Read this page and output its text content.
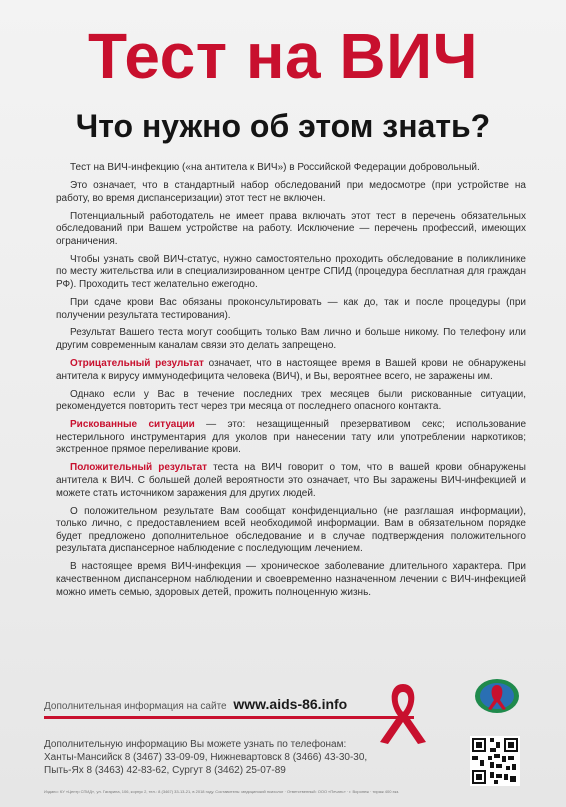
Тест на ВИЧ
Что нужно об этом знать?

Тест на ВИЧ-инфекцию («на антитела к ВИЧ») в Российской Федерации добровольный.

Это означает, что в стандартный набор обследований при медосмотре (при устройстве на работу, во время диспансеризации) этот тест не включен.

Потенциальный работодатель не имеет права включать этот тест в перечень обязательных обследований при Вашем устройстве на работу. Исключение — перечень профессий, имеющих ограничения.

Чтобы узнать свой ВИЧ-статус, нужно самостоятельно проходить обследование в поликлинике по месту жительства или в специализированном центре СПИД (процедура бесплатная для граждан РФ). Проходить тест желательно ежегодно.

При сдаче крови Вас обязаны проконсультировать — как до, так и после процедуры (при получении результата тестирования).

Результат Вашего теста могут сообщить только Вам лично и больше никому. По телефону или другим современным каналам связи это делать запрещено.

Отрицательный результат означает, что в настоящее время в Вашей крови не обнаружены антитела к вирусу иммунодефицита человека (ВИЧ), и Вы, вероятнее всего, не заражены им.

Однако если у Вас в течение последних трех месяцев были рискованные ситуации, рекомендуется повторить тест через три месяца от последнего опасного контакта.

Рискованные ситуации — это: незащищенный презервативом секс; использование нестерильного инструментария для уколов при нанесении тату или употреблении наркотиков; экстренное прямое переливание крови.

Положительный результат теста на ВИЧ говорит о том, что в вашей крови обнаружены антитела к ВИЧ. С большей долей вероятности это означает, что Вы заражены ВИЧ-инфекцией и можете стать источником заражения для других людей.

О положительном результате Вам сообщат конфиденциально (не разглашая информации), только лично, с предоставлением всей необходимой информации. Вам в обязательном порядке будет предложено дополнительное обследование и в случае подтверждения положительного результата диспансерное наблюдение с последующим лечением.

В настоящее время ВИЧ-инфекция — хроническое заболевание длительного характера. При качественном диспансерном наблюдении и своевременно назначенном лечении с ВИЧ-инфекцией можно иметь семью, здоровых детей, прожить полноценную жизнь.

Дополнительная информация на сайте www.aids-86.info
Дополнительную информацию Вы можете узнать по телефонам:
Ханты-Мансийск 8 (3467) 33-09-09, Нижневартовск 8 (3466) 43-30-30,
Пыть-Ях 8 (3463) 42-83-62, Сургут 8 (3462) 25-07-89
Издано: КУ «Центр СПИД», ул. Гагарина, 106, корпус 2, тел.: 8 (3467) 33-13-21, в 2018 году. Составитель: медицинский психолог · Ответственный: ООО «Печать» · г. Воронеж · тираж 400 экз.
